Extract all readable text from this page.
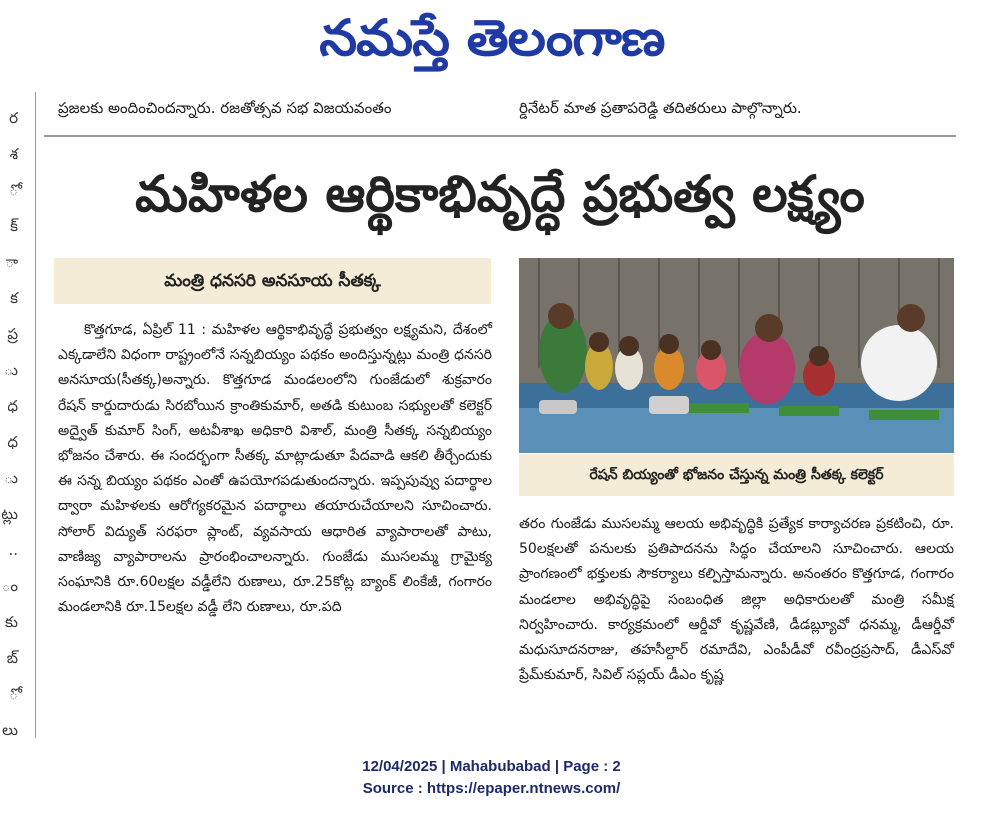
నమస్తే తెలంగాణ
ర
శ
ో
క్
ా
క
ప్ర
ు
ధ
ధ
ు
ట్లు
..
ం
కు
బ్
ో
లు
ప్రజలకు అందించిందన్నారు. రజతోత్సవ సభ విజయవంతం	ర్డినేటర్ మాత ప్రతాపరెడ్డి తదితరులు పాల్గొన్నారు.
మహిళల ఆర్థికాభివృద్ధే ప్రభుత్వ లక్ష్యం
మంత్రి ధనసరి అనసూయ సీతక్క
కొత్తగూడ, ఏప్రిల్ 11 : మహిళల ఆర్థికాభివృద్ధే ప్రభుత్వం లక్ష్యమని, దేశంలో ఎక్కడాలేని విధంగా రాష్ట్రంలోనే సన్నబియ్యం పథకం అందిస్తున్నట్లు మంత్రి ధనసరి అనసూయ(సీతక్క)అన్నారు. కొత్తగూడ మండలంలోని గుంజేడులో శుక్రవారం రేషన్ కార్డుదారుడు సిరబోయిన క్రాంతికుమార్, అతడి కుటుంబ సభ్యులతో కలెక్టర్ అద్వైత్ కుమార్ సింగ్, అటవీశాఖ అధికారి విశాల్, మంత్రి సీతక్క సన్నబియ్యం భోజనం చేశారు. ఈ సందర్భంగా సీతక్క మాట్లాడుతూ పేదవాడి ఆకలి తీర్చేందుకు ఈ సన్న బియ్యం పథకం ఎంతో ఉపయోగపడుతుందన్నారు. ఇప్పపువ్వు పదార్థాల ద్వారా మహిళలకు ఆరోగ్యకరమైన పదార్థాలు తయారుచేయాలని సూచించారు. సోలార్ విద్యుత్ సరఫరా ప్లాంట్, వ్యవసాయ ఆధారిత వ్యాపారాలతో పాటు, వాణిజ్య వ్యాపారాలను ప్రారంభించాలన్నారు. గుంజేడు ముసలమ్మ గ్రామైక్య సంఘానికి రూ.60లక్షల వడ్డీలేని రుణాలు, రూ.25కోట్ల బ్యాంక్ లింకేజీ, గంగారం మండలానికి రూ.15లక్షల వడ్డీ లేని రుణాలు, రూ.పది
రేషన్ బియ్యంతో భోజనం చేస్తున్న మంత్రి సీతక్క కలెక్టర్
తరం గుంజేడు ముసలమ్మ ఆలయ అభివృద్ధికి ప్రత్యేక కార్యాచరణ ప్రకటించి, రూ. 50లక్షలతో పనులకు ప్రతిపాదనను సిద్ధం చేయాలని సూచించారు. ఆలయ ప్రాంగణంలో భక్తులకు సౌకర్యాలు కల్పిస్తామన్నారు. అనంతరం కొత్తగూడ, గంగారం మండలాల అభివృద్ధిపై సంబంధిత జిల్లా అధికారులతో మంత్రి సమీక్ష నిర్వహించారు. కార్యక్రమంలో ఆర్డీవో కృష్ణవేణి, డీడబ్ల్యూవో ధనమ్మ, డీఆర్డీవో మధుసూదనరాజు, తహసీల్దార్ రమాదేవి, ఎంపీడీవో రవీంద్రప్రసాద్, డీఎస్‌వో ప్రేమ్‌కుమార్, సివిల్ సప్లయ్ డీఎం కృష్ణ
12/04/2025 | Mahabubabad | Page : 2
Source : https://epaper.ntnews.com/
